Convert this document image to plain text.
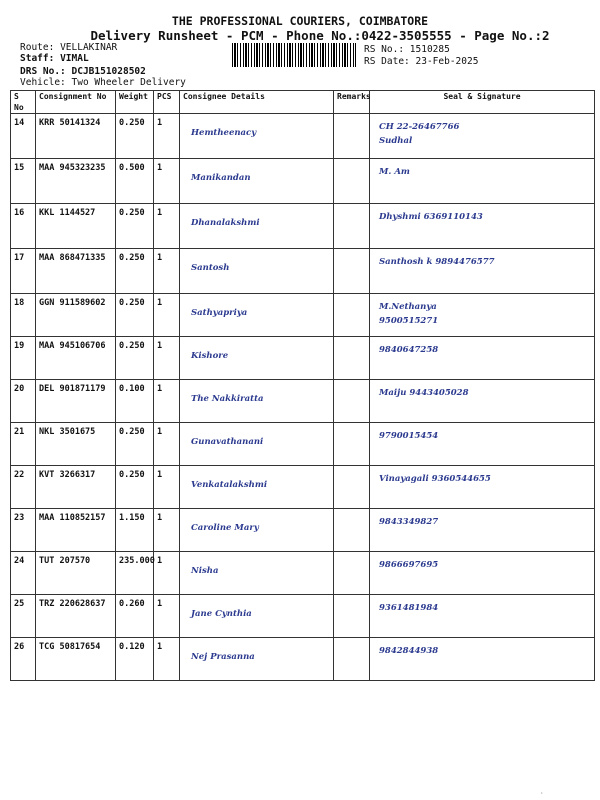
THE PROFESSIONAL COURIERS, COIMBATORE
Delivery Runsheet - PCM - Phone No.:0422-3505555 - Page No.:2
Route: VELLAKINAR
Staff: VIMAL
DRS No.: DCJB151028502
Vehicle: Two Wheeler Delivery
RS No.: 1510285
RS Date: 23-Feb-2025
S No	Consignment No	Weight	PCS	Consignee Details	Remarks	Seal & Signature
14	KRR 50141324	0.250	1	Hemtheenacy		CH 22-26467766
Sudhal
15	MAA 945323235	0.500	1	Manikandan		M. Am
16	KKL 1144527	0.250	1	Dhanalakshmi		Dhyshmi 6369110143
17	MAA 868471335	0.250	1	Santosh		Santhosh k 9894476577
18	GGN 911589602	0.250	1	Sathyapriya		M.Nethanya
9500515271
19	MAA 945106706	0.250	1	Kishore		9840647258
20	DEL 901871179	0.100	1	The Nakkiratta		Maiju 9443405028
21	NKL 3501675	0.250	1	Gunavathanani		9790015454
22	KVT 3266317	0.250	1	Venkatalakshmi		Vinayagali 9360544655
23	MAA 110852157	1.150	1	Caroline Mary		9843349827
24	TUT 207570	235.000	1	Nisha		9866697695
25	TRZ 220628637	0.260	1	Jane Cynthia		9361481984
26	TCG 50817654	0.120	1	Nej Prasanna		9842844938
·
